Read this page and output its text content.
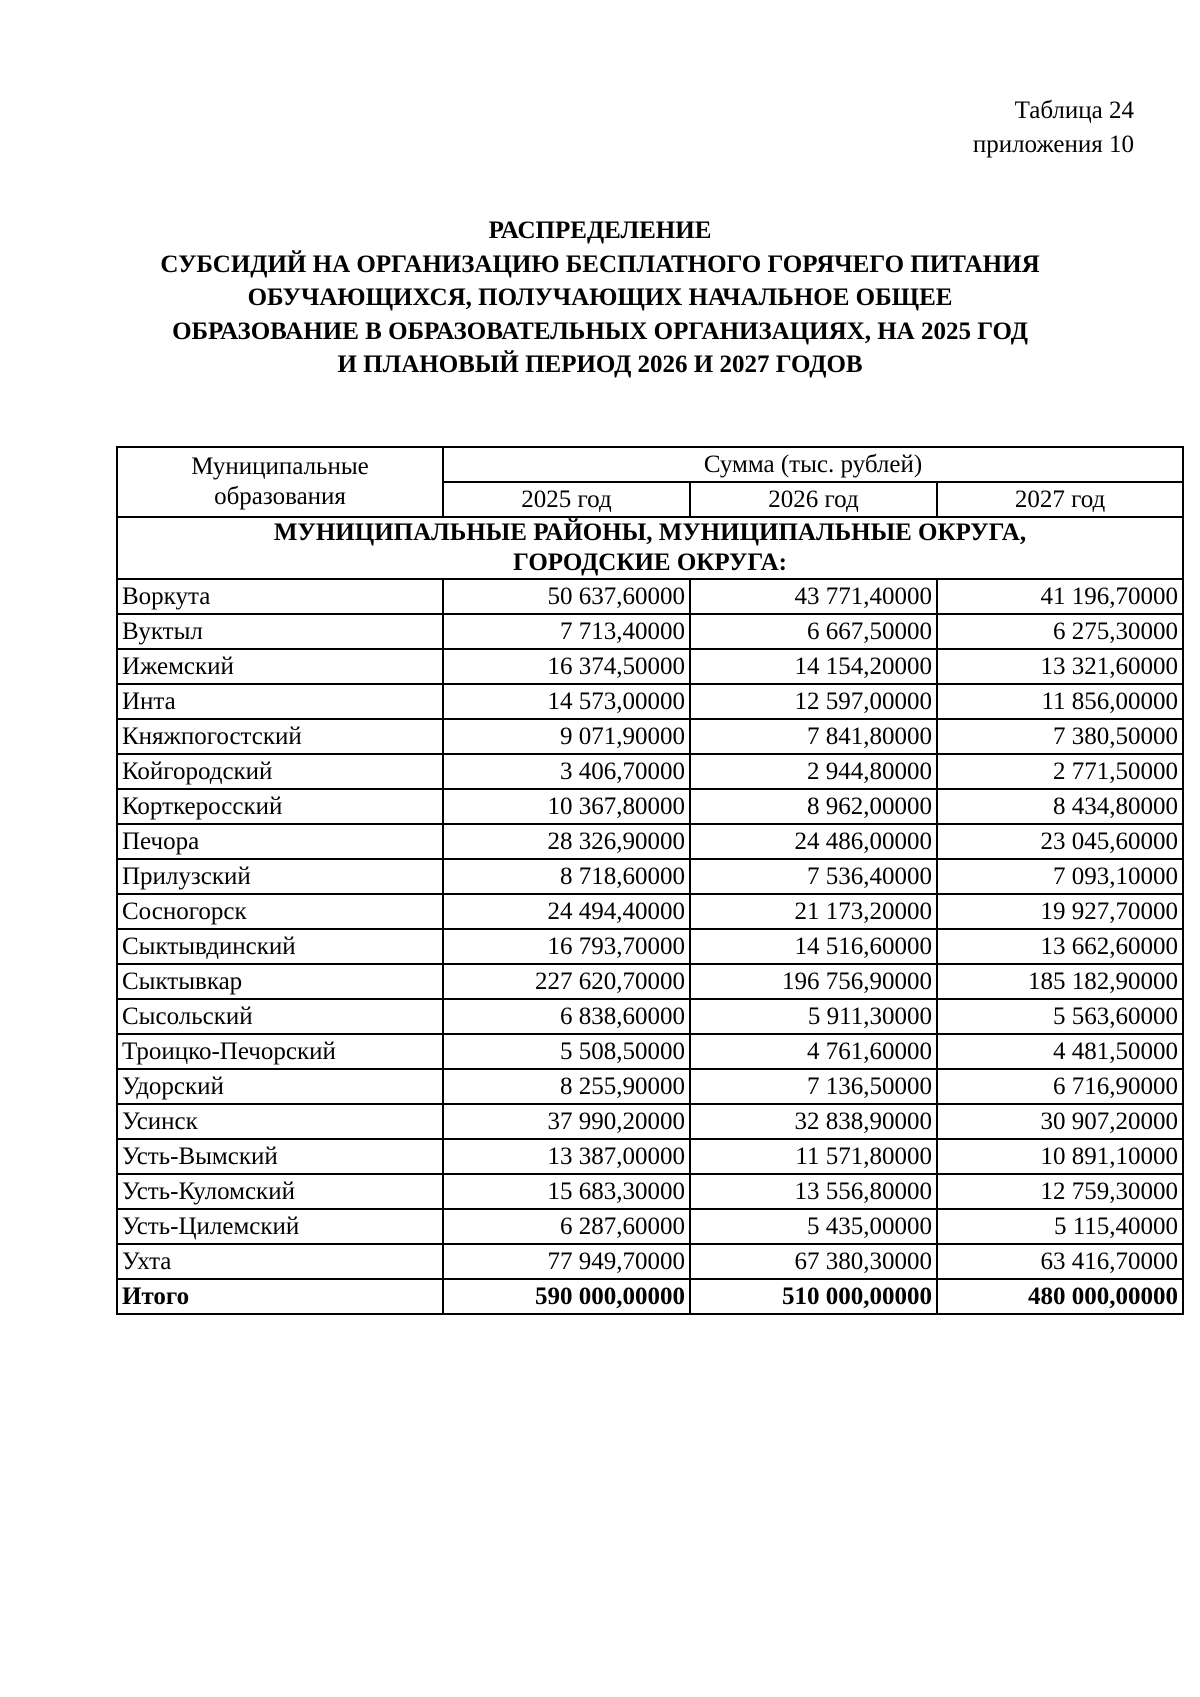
Таблица 24
приложения 10
РАСПРЕДЕЛЕНИЕ
СУБСИДИЙ НА ОРГАНИЗАЦИЮ БЕСПЛАТНОГО ГОРЯЧЕГО ПИТАНИЯ
ОБУЧАЮЩИХСЯ, ПОЛУЧАЮЩИХ НАЧАЛЬНОЕ ОБЩЕЕ
ОБРАЗОВАНИЕ В ОБРАЗОВАТЕЛЬНЫХ ОРГАНИЗАЦИЯХ, НА 2025 ГОД
И ПЛАНОВЫЙ ПЕРИОД 2026 И 2027 ГОДОВ
Муниципальные
образования	Сумма (тыс. рублей)		
	2025 год	2026 год	2027 год

МУНИЦИПАЛЬНЫЕ РАЙОНЫ, МУНИЦИПАЛЬНЫЕ ОКРУГА,
ГОРОДСКИЕ ОКРУГА:			

Воркута	50 637,60000	43 771,40000	41 196,70000
Вуктыл	7 713,40000	6 667,50000	6 275,30000
Ижемский	16 374,50000	14 154,20000	13 321,60000
Инта	14 573,00000	12 597,00000	11 856,00000
Княжпогостский	9 071,90000	7 841,80000	7 380,50000
Койгородский	3 406,70000	2 944,80000	2 771,50000
Корткеросский	10 367,80000	8 962,00000	8 434,80000
Печора	28 326,90000	24 486,00000	23 045,60000
Прилузский	8 718,60000	7 536,40000	7 093,10000
Сосногорск	24 494,40000	21 173,20000	19 927,70000
Сыктывдинский	16 793,70000	14 516,60000	13 662,60000
Сыктывкар	227 620,70000	196 756,90000	185 182,90000
Сысольский	6 838,60000	5 911,30000	5 563,60000
Троицко-Печорский	5 508,50000	4 761,60000	4 481,50000
Удорский	8 255,90000	7 136,50000	6 716,90000
Усинск	37 990,20000	32 838,90000	30 907,20000
Усть-Вымский	13 387,00000	11 571,80000	10 891,10000
Усть-Куломский	15 683,30000	13 556,80000	12 759,30000
Усть-Цилемский	6 287,60000	5 435,00000	5 115,40000
Ухта	77 949,70000	67 380,30000	63 416,70000
Итого	590 000,00000	510 000,00000	480 000,00000
